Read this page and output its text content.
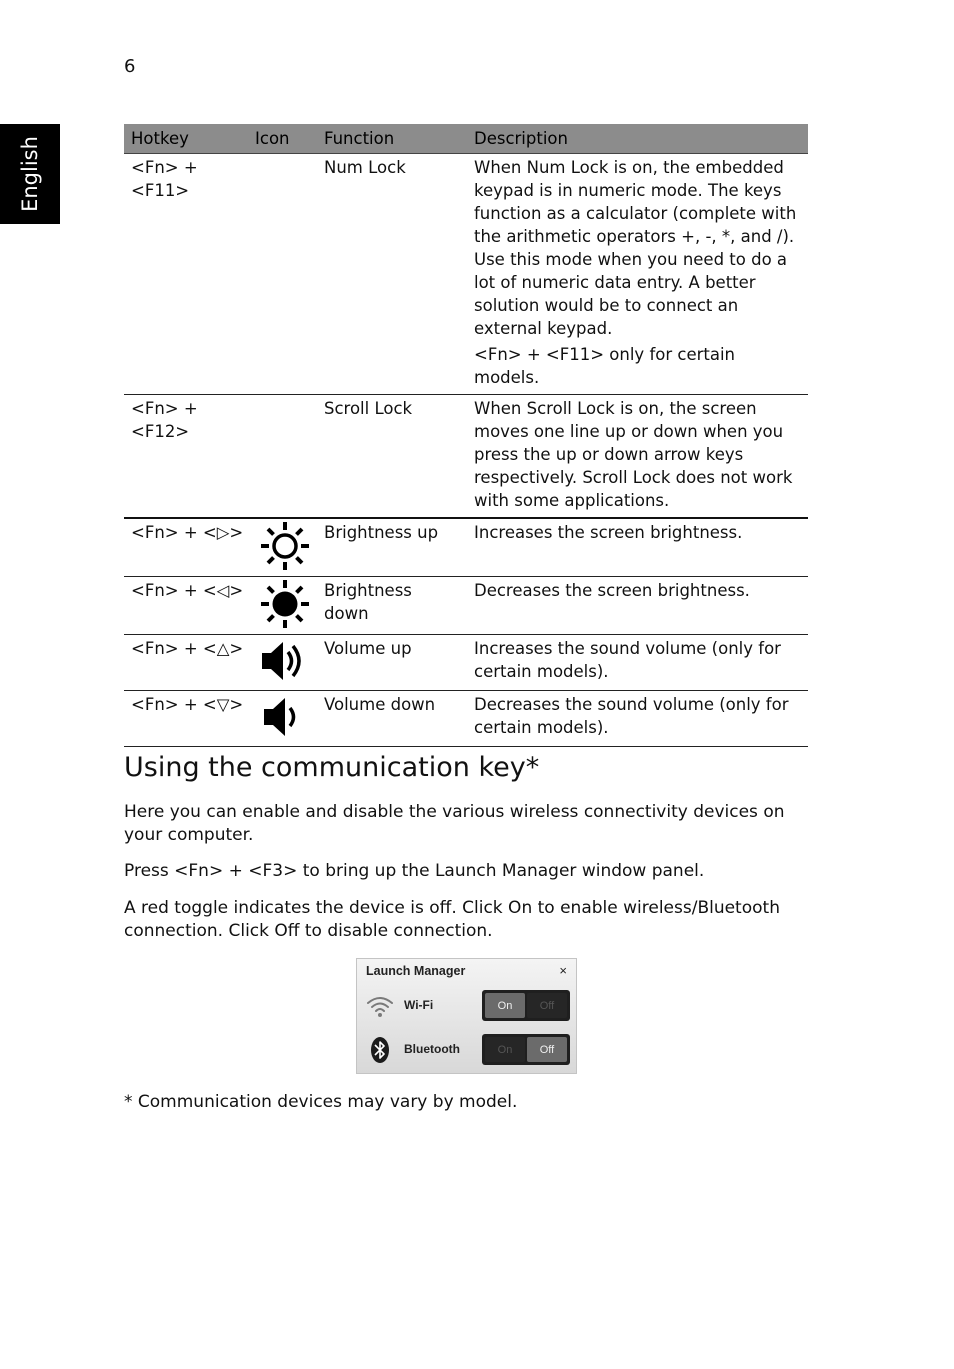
6
English	Hotkey	Icon	Function	Description
<Fn> + <F11>		Num Lock	When Num Lock is on, the embedded keypad is in numeric mode. The keys function as a calculator (complete with the arithmetic operators +, -, *, and /). Use this mode when you need to do a lot of numeric data entry. A better solution would be to connect an external keypad.
<Fn> + <F11> only for certain models.

<Fn> + <F12>		Scroll Lock	When Scroll Lock is on, the screen moves one line up or down when you press the up or down arrow keys respectively. Scroll Lock does not work with some applications.
<Fn> + <▷>		Brightness up	Increases the screen brightness.
<Fn> + <◁>		Brightness down	Decreases the screen brightness.
<Fn> + <△>		Volume up	Increases the sound volume (only for certain models).
<Fn> + <▽>		Volume down	Decreases the sound volume (only for certain models).
Using the communication key*

Here you can enable and disable the various wireless connectivity devices on your computer.

Press <Fn> + <F3> to bring up the Launch Manager window panel.

A red toggle indicates the device is off. Click On to enable wireless/Bluetooth connection. Click Off to disable connection.

Launch Manager	×
Wi-Fi	On	Off
Bluetooth	On	Off

* Communication devices may vary by model.
